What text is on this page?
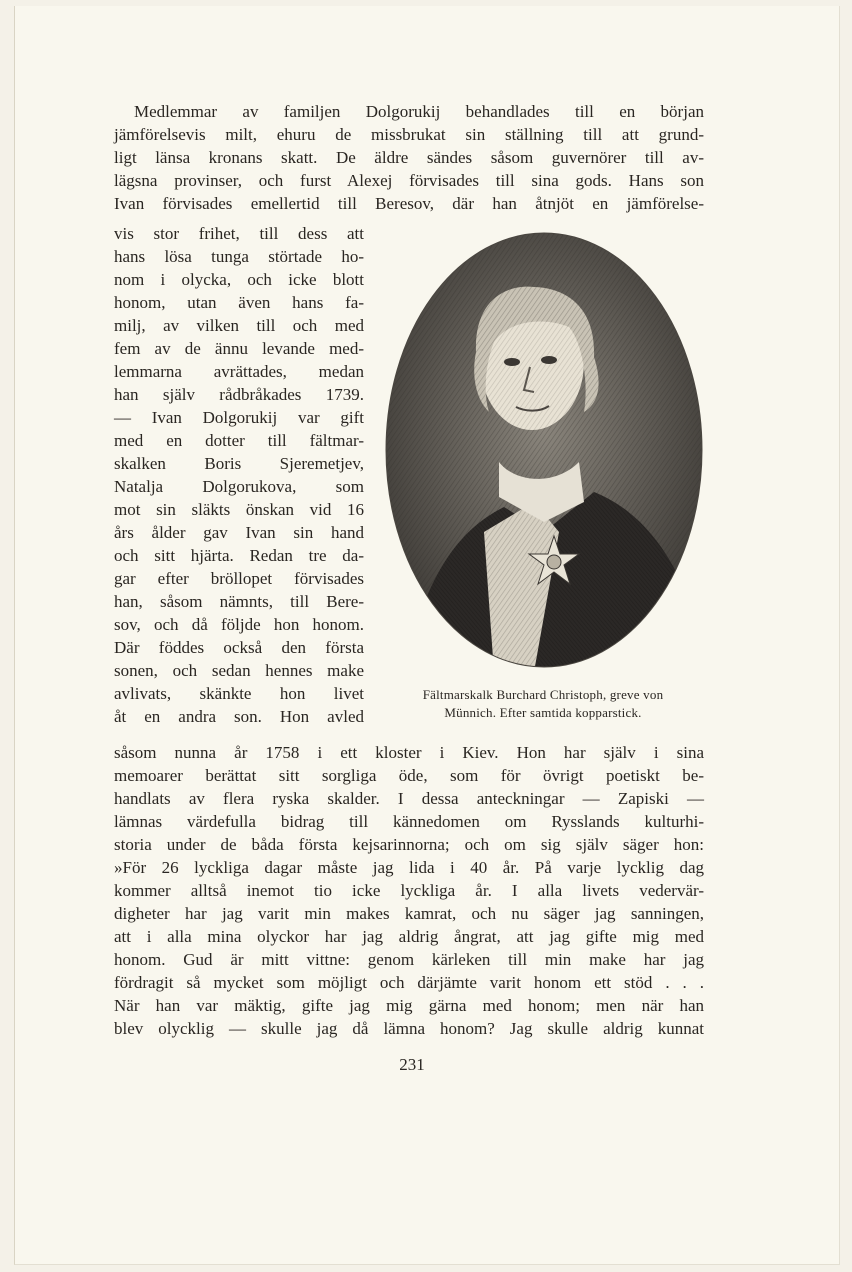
Medlemmar av familjen Dolgorukij behandlades till en början
jämförelsevis milt, ehuru de missbrukat sin ställning till att grund-
ligt länsa kronans skatt. De äldre sändes såsom guvernörer till av-
lägsna provinser, och furst Alexej förvisades till sina gods. Hans son
Ivan förvisades emellertid till Beresov, där han åtnjöt en jämförelse-
vis stor frihet, till dess att
hans lösa tunga störtade ho-
nom i olycka, och icke blott
honom, utan även hans fa-
milj, av vilken till och med
fem av de ännu levande med-
lemmarna avrättades, medan
han själv rådbråkades 1739.
— Ivan Dolgorukij var gift
med en dotter till fältmar-
skalken Boris Sjeremetjev,
Natalja Dolgorukova, som
mot sin släkts önskan vid 16
års ålder gav Ivan sin hand
och sitt hjärta. Redan tre da-
gar efter bröllopet förvisades
han, såsom nämnts, till Bere-
sov, och då följde hon honom.
Där föddes också den första
sonen, och sedan hennes make
avlivats, skänkte hon livet
åt en andra son. Hon avled
Fältmarskalk Burchard Christoph, greve von
Münnich. Efter samtida kopparstick.
såsom nunna år 1758 i ett kloster i Kiev. Hon har själv i sina
memoarer berättat sitt sorgliga öde, som för övrigt poetiskt be-
handlats av flera ryska skalder. I dessa anteckningar — Zapiski —
lämnas värdefulla bidrag till kännedomen om Rysslands kulturhi-
storia under de båda första kejsarinnorna; och om sig själv säger hon:
»För 26 lyckliga dagar måste jag lida i 40 år. På varje lycklig dag
kommer alltså inemot tio icke lyckliga år. I alla livets vedervär-
digheter har jag varit min makes kamrat, och nu säger jag sanningen,
att i alla mina olyckor har jag aldrig ångrat, att jag gifte mig med
honom. Gud är mitt vittne: genom kärleken till min make har jag
fördragit så mycket som möjligt och därjämte varit honom ett stöd . . .
När han var mäktig, gifte jag mig gärna med honom; men när han
blev olycklig — skulle jag då lämna honom? Jag skulle aldrig kunnat
231
